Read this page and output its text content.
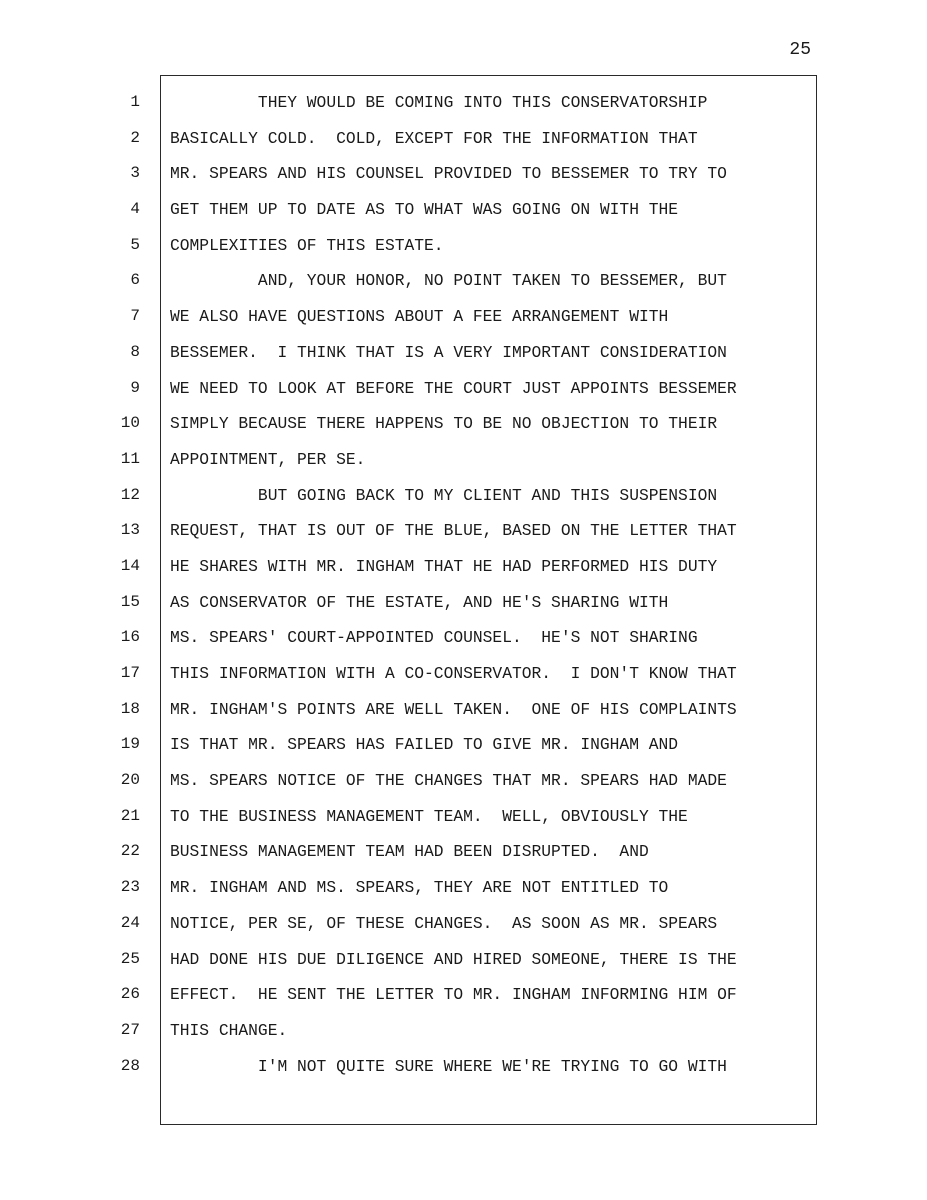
25
1
2
3
4
5
6
7
8
9
10
11
12
13
14
15
16
17
18
19
20
21
22
23
24
25
26
27
28
THEY WOULD BE COMING INTO THIS CONSERVATORSHIP
BASICALLY COLD.  COLD, EXCEPT FOR THE INFORMATION THAT
MR. SPEARS AND HIS COUNSEL PROVIDED TO BESSEMER TO TRY TO
GET THEM UP TO DATE AS TO WHAT WAS GOING ON WITH THE
COMPLEXITIES OF THIS ESTATE.
AND, YOUR HONOR, NO POINT TAKEN TO BESSEMER, BUT
WE ALSO HAVE QUESTIONS ABOUT A FEE ARRANGEMENT WITH
BESSEMER.  I THINK THAT IS A VERY IMPORTANT CONSIDERATION
WE NEED TO LOOK AT BEFORE THE COURT JUST APPOINTS BESSEMER
SIMPLY BECAUSE THERE HAPPENS TO BE NO OBJECTION TO THEIR
APPOINTMENT, PER SE.
BUT GOING BACK TO MY CLIENT AND THIS SUSPENSION
REQUEST, THAT IS OUT OF THE BLUE, BASED ON THE LETTER THAT
HE SHARES WITH MR. INGHAM THAT HE HAD PERFORMED HIS DUTY
AS CONSERVATOR OF THE ESTATE, AND HE'S SHARING WITH
MS. SPEARS' COURT-APPOINTED COUNSEL.  HE'S NOT SHARING
THIS INFORMATION WITH A CO-CONSERVATOR.  I DON'T KNOW THAT
MR. INGHAM'S POINTS ARE WELL TAKEN.  ONE OF HIS COMPLAINTS
IS THAT MR. SPEARS HAS FAILED TO GIVE MR. INGHAM AND
MS. SPEARS NOTICE OF THE CHANGES THAT MR. SPEARS HAD MADE
TO THE BUSINESS MANAGEMENT TEAM.  WELL, OBVIOUSLY THE
BUSINESS MANAGEMENT TEAM HAD BEEN DISRUPTED.  AND
MR. INGHAM AND MS. SPEARS, THEY ARE NOT ENTITLED TO
NOTICE, PER SE, OF THESE CHANGES.  AS SOON AS MR. SPEARS
HAD DONE HIS DUE DILIGENCE AND HIRED SOMEONE, THERE IS THE
EFFECT.  HE SENT THE LETTER TO MR. INGHAM INFORMING HIM OF
THIS CHANGE.
I'M NOT QUITE SURE WHERE WE'RE TRYING TO GO WITH
